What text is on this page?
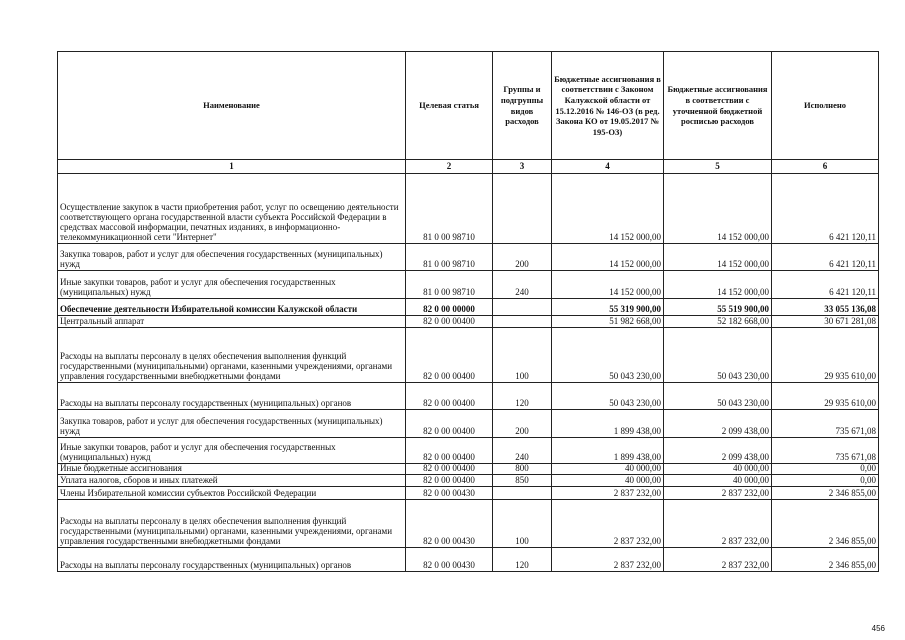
Наименование	Целевая статья	Группы и подгруппы видов расходов	Бюджетные ассигнования в соответствии с Законом Калужской области от 15.12.2016 № 146-ОЗ (в ред. Закона КО от 19.05.2017 № 195-ОЗ)	Бюджетные ассигнования в соответствии с уточненной бюджетной росписью расходов	Исполнено
1	2	3	4	5	6
Осуществление закупок в части приобретения работ, услуг по освещению деятельности соответствующего органа государственной власти субъекта Российской Федерации в средствах массовой информации, печатных изданиях, в информационно-телекоммуникационной сети "Интернет"	81 0 00 98710		14 152 000,00	14 152 000,00	6 421 120,11
Закупка товаров, работ и услуг для обеспечения государственных (муниципальных) нужд	81 0 00 98710	200	14 152 000,00	14 152 000,00	6 421 120,11
Иные закупки товаров, работ и услуг для обеспечения государственных (муниципальных) нужд	81 0 00 98710	240	14 152 000,00	14 152 000,00	6 421 120,11
Обеспечение деятельности Избирательной комиссии Калужской области	82 0 00 00000		55 319 900,00	55 519 900,00	33 055 136,08
Центральный аппарат	82 0 00 00400		51 982 668,00	52 182 668,00	30 671 281,08
Расходы на выплаты персоналу в целях обеспечения выполнения функций государственными (муниципальными) органами, казенными учреждениями, органами управления государственными внебюджетными фондами	82 0 00 00400	100	50 043 230,00	50 043 230,00	29 935 610,00
Расходы на выплаты персоналу государственных (муниципальных) органов	82 0 00 00400	120	50 043 230,00	50 043 230,00	29 935 610,00
Закупка товаров, работ и услуг для обеспечения государственных (муниципальных) нужд	82 0 00 00400	200	1 899 438,00	2 099 438,00	735 671,08
Иные закупки товаров, работ и услуг для обеспечения государственных (муниципальных) нужд	82 0 00 00400	240	1 899 438,00	2 099 438,00	735 671,08
Иные бюджетные ассигнования	82 0 00 00400	800	40 000,00	40 000,00	0,00
Уплата налогов, сборов и иных платежей	82 0 00 00400	850	40 000,00	40 000,00	0,00
Члены Избирательной комиссии субъектов Российской Федерации	82 0 00 00430		2 837 232,00	2 837 232,00	2 346 855,00
Расходы на выплаты персоналу в целях обеспечения выполнения функций государственными (муниципальными) органами, казенными учреждениями, органами управления государственными внебюджетными фондами	82 0 00 00430	100	2 837 232,00	2 837 232,00	2 346 855,00
Расходы на выплаты персоналу государственных (муниципальных) органов	82 0 00 00430	120	2 837 232,00	2 837 232,00	2 346 855,00
456
